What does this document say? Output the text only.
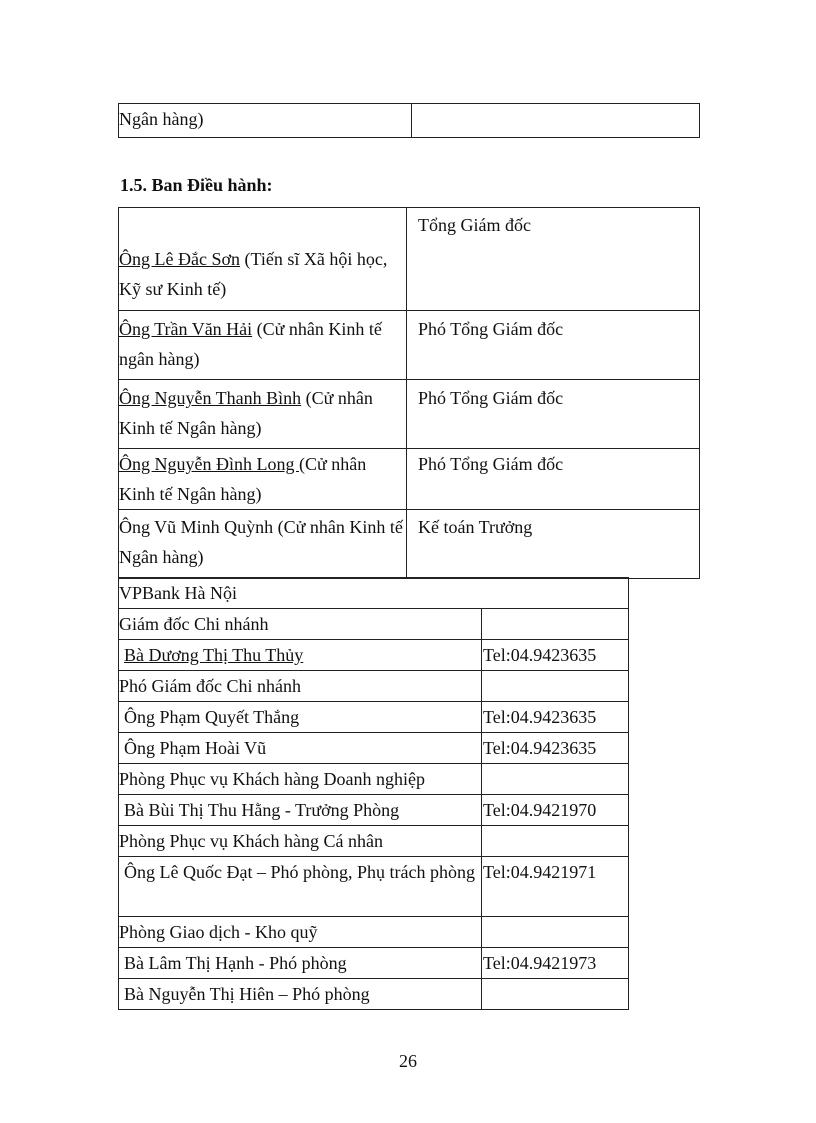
Ngân hàng)	
1.5. Ban Điều hành:
Ông Lê Đắc Sơn (Tiến sĩ Xã hội học, Kỹ sư Kinh tế)	Tổng Giám đốc
Ông Trần Văn Hải (Cử nhân Kinh tế ngân hàng)	Phó Tổng Giám đốc
Ông Nguyễn Thanh Bình (Cử nhân Kinh tế Ngân hàng)	Phó Tổng Giám đốc
Ông Nguyễn Đình Long (Cử nhân Kinh tế Ngân hàng)	Phó Tổng Giám đốc
Ông Vũ Minh Quỳnh (Cử nhân Kinh tế Ngân hàng)	Kế toán Trưởng
VPBank Hà Nội	
Giám đốc Chi nhánh	
Bà Dương Thị Thu Thủy	Tel:04.9423635
Phó Giám đốc Chi nhánh	
Ông Phạm Quyết Thắng	Tel:04.9423635
Ông Phạm Hoài Vũ	Tel:04.9423635
Phòng Phục vụ Khách hàng Doanh nghiệp	
Bà Bùi Thị Thu Hằng - Trưởng Phòng	Tel:04.9421970
Phòng Phục vụ Khách hàng Cá nhân	
Ông Lê Quốc Đạt – Phó phòng, Phụ trách phòng	Tel:04.9421971
Phòng Giao dịch - Kho quỹ	
Bà Lâm Thị Hạnh - Phó phòng	Tel:04.9421973
Bà Nguyễn Thị Hiên – Phó phòng	
26
